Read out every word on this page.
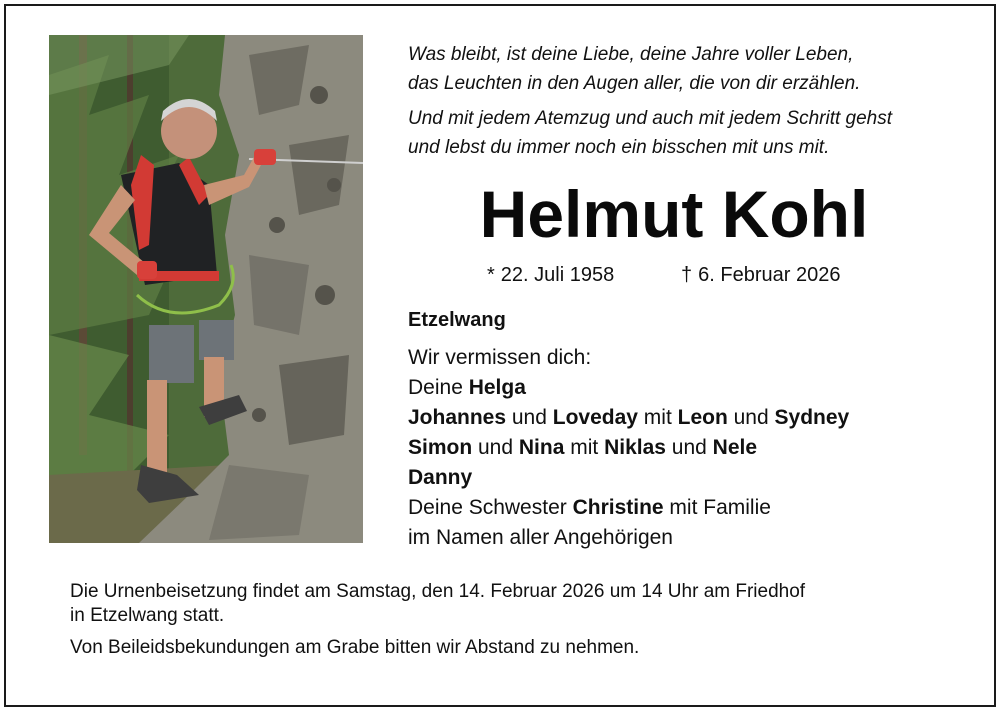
Was bleibt, ist deine Liebe, deine Jahre voller Leben,
das Leuchten in den Augen aller, die von dir erzählen.

Und mit jedem Atemzug und auch mit jedem Schritt gehst
und lebst du immer noch ein bisschen mit uns mit.

Helmut Kohl
* 22. Juli 1958	† 6. Februar 2026
Etzelwang
Wir vermissen dich:
Deine Helga
Johannes und Loveday mit Leon und Sydney
Simon und Nina mit Niklas und Nele
Danny
Deine Schwester Christine mit Familie
im Namen aller Angehörigen

Die Urnenbeisetzung findet am Samstag, den 14. Februar 2026 um 14 Uhr am Friedhof
in Etzelwang statt.

Von Beileidsbekundungen am Grabe bitten wir Abstand zu nehmen.
